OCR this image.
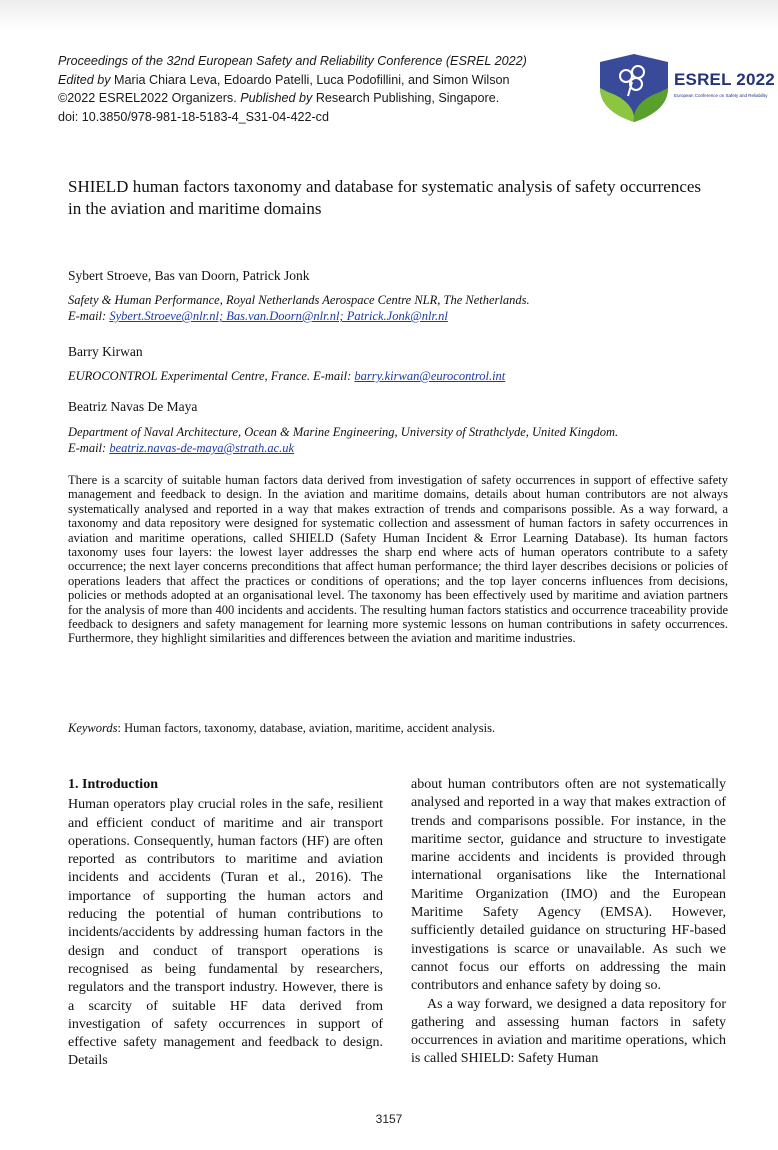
Proceedings of the 32nd European Safety and Reliability Conference (ESREL 2022)
Edited by Maria Chiara Leva, Edoardo Patelli, Luca Podofillini, and Simon Wilson
©2022 ESREL2022 Organizers. Published by Research Publishing, Singapore.
doi: 10.3850/978-981-18-5183-4_S31-04-422-cd
ESREL 2022
European Conference on Safety and Reliability
SHIELD human factors taxonomy and database for systematic analysis of safety occurrences in the aviation and maritime domains
Sybert Stroeve, Bas van Doorn, Patrick Jonk
Safety & Human Performance, Royal Netherlands Aerospace Centre NLR, The Netherlands.
E-mail: Sybert.Stroeve@nlr.nl; Bas.van.Doorn@nlr.nl; Patrick.Jonk@nlr.nl
Barry Kirwan
EUROCONTROL Experimental Centre, France. E-mail: barry.kirwan@eurocontrol.int
Beatriz Navas De Maya
Department of Naval Architecture, Ocean & Marine Engineering, University of Strathclyde, United Kingdom.
E-mail: beatriz.navas-de-maya@strath.ac.uk
There is a scarcity of suitable human factors data derived from investigation of safety occurrences in support of effective safety management and feedback to design. In the aviation and maritime domains, details about human contributors are not always systematically analysed and reported in a way that makes extraction of trends and comparisons possible. As a way forward, a taxonomy and data repository were designed for systematic collection and assessment of human factors in safety occurrences in aviation and maritime operations, called SHIELD (Safety Human Incident & Error Learning Database). Its human factors taxonomy uses four layers: the lowest layer addresses the sharp end where acts of human operators contribute to a safety occurrence; the next layer concerns preconditions that affect human performance; the third layer describes decisions or policies of operations leaders that affect the practices or conditions of operations; and the top layer concerns influences from decisions, policies or methods adopted at an organisational level. The taxonomy has been effectively used by maritime and aviation partners for the analysis of more than 400 incidents and accidents. The resulting human factors statistics and occurrence traceability provide feedback to designers and safety management for learning more systemic lessons on human contributions in safety occurrences. Furthermore, they highlight similarities and differences between the aviation and maritime industries.
Keywords: Human factors, taxonomy, database, aviation, maritime, accident analysis.
1. Introduction

Human operators play crucial roles in the safe, resilient and efficient conduct of maritime and air transport operations. Consequently, human factors (HF) are often reported as contributors to maritime and aviation incidents and accidents (Turan et al., 2016). The importance of supporting the human actors and reducing the potential of human contributions to incidents/accidents by addressing human factors in the design and conduct of transport operations is recognised as being fundamental by researchers, regulators and the transport industry. However, there is a scarcity of suitable HF data derived from investigation of safety occurrences in support of effective safety management and feedback to design. Details

about human contributors often are not systematically analysed and reported in a way that makes extraction of trends and comparisons possible. For instance, in the maritime sector, guidance and structure to investigate marine accidents and incidents is provided through international organisations like the International Maritime Organization (IMO) and the European Maritime Safety Agency (EMSA). However, sufficiently detailed guidance on structuring HF-based investigations is scarce or unavailable. As such we cannot focus our efforts on addressing the main contributors and enhance safety by doing so.

As a way forward, we designed a data repository for gathering and assessing human factors in safety occurrences in aviation and maritime operations, which is called SHIELD: Safety Human

3157
